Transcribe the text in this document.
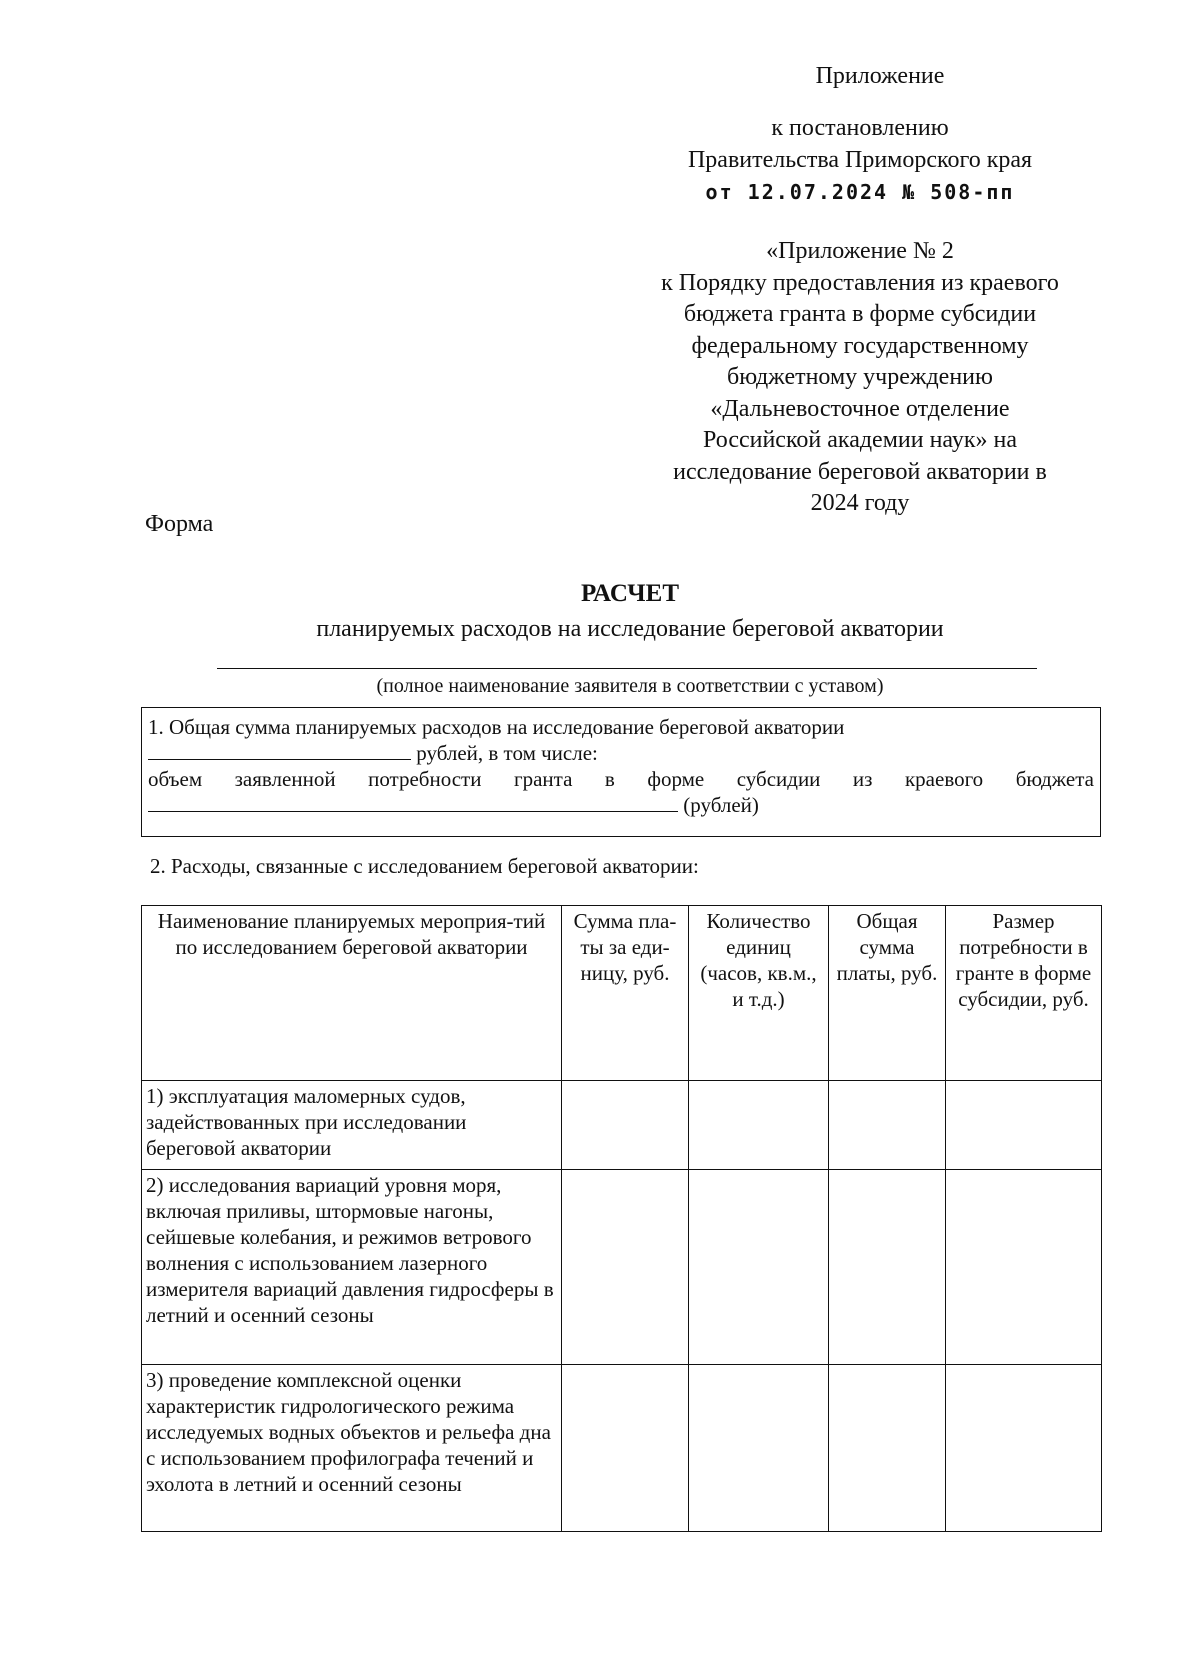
Приложение
к постановлению
Правительства Приморского края
от 12.07.2024 № 508-пп
«Приложение № 2
к Порядку предоставления из краевого
бюджета гранта в форме субсидии
федеральному государственному
бюджетному учреждению
«Дальневосточное отделение
Российской академии наук» на
исследование береговой акватории в
2024 году
Форма
РАСЧЕТ
планируемых расходов на исследование береговой акватории
(полное наименование заявителя в соответствии с уставом)
1. Общая сумма планируемых расходов на исследование береговой акватории
рублей, в том числе:
объем заявленной потребности гранта в форме субсидии из краевого бюджета
(рублей)
2. Расходы, связанные с исследованием береговой акватории:
Наименование планируемых мероприя-тий по исследованием береговой акватории	Сумма пла-ты за еди-ницу, руб.	Количество единиц (часов, кв.м., и т.д.)	Общая сумма платы, руб.	Размер потребности в гранте в форме субсидии, руб.
1) эксплуатация маломерных судов, задействованных при исследовании береговой акватории				
2) исследования вариаций уровня моря, включая приливы, штормовые нагоны, сейшевые колебания, и режимов ветрового волнения с использованием лазерного измерителя вариаций давления гидросферы в летний и осенний сезоны				
3) проведение комплексной оценки характеристик гидрологического режима исследуемых водных объектов и рельефа дна с использованием профилографа течений и эхолота в летний и осенний сезоны				
